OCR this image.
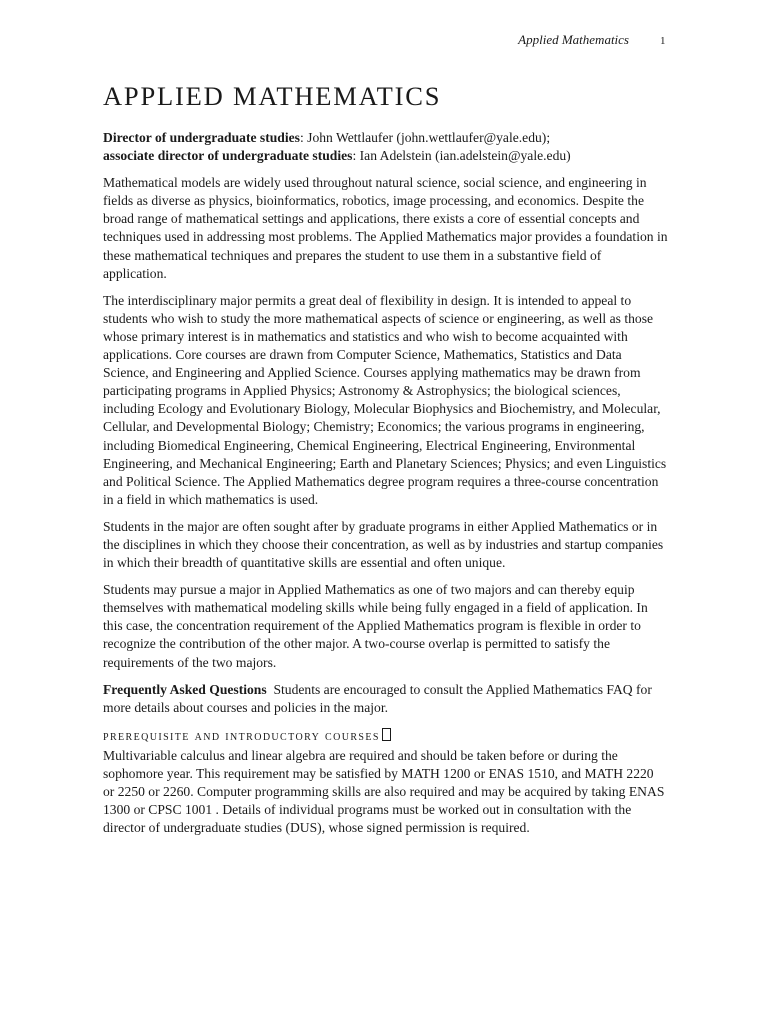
Applied Mathematics	1
APPLIED MATHEMATICS

Director of undergraduate studies: John Wettlaufer (john.wettlaufer@yale.edu);
associate director of undergraduate studies: Ian Adelstein (ian.adelstein@yale.edu)

Mathematical models are widely used throughout natural science, social science, and engineering in fields as diverse as physics, bioinformatics, robotics, image processing, and economics. Despite the broad range of mathematical settings and applications, there exists a core of essential concepts and techniques used in addressing most problems. The Applied Mathematics major provides a foundation in these mathematical techniques and prepares the student to use them in a substantive field of application.

The interdisciplinary major permits a great deal of flexibility in design. It is intended to appeal to students who wish to study the more mathematical aspects of science or engineering, as well as those whose primary interest is in mathematics and statistics and who wish to become acquainted with applications. Core courses are drawn from Computer Science, Mathematics, Statistics and Data Science, and Engineering and Applied Science. Courses applying mathematics may be drawn from participating programs in Applied Physics; Astronomy & Astrophysics; the biological sciences, including Ecology and Evolutionary Biology, Molecular Biophysics and Biochemistry, and Molecular, Cellular, and Developmental Biology; Chemistry; Economics; the various programs in engineering, including Biomedical Engineering, Chemical Engineering, Electrical Engineering, Environmental Engineering, and Mechanical Engineering; Earth and Planetary Sciences; Physics; and even Linguistics and Political Science. The Applied Mathematics degree program requires a three-course concentration in a field in which mathematics is used.

Students in the major are often sought after by graduate programs in either Applied Mathematics or in the disciplines in which they choose their concentration, as well as by industries and startup companies in which their breadth of quantitative skills are essential and often unique.

Students may pursue a major in Applied Mathematics as one of two majors and can thereby equip themselves with mathematical modeling skills while being fully engaged in a field of application. In this case, the concentration requirement of the Applied Mathematics program is flexible in order to recognize the contribution of the other major. A two-course overlap is permitted to satisfy the requirements of the two majors.

Frequently Asked Questions Students are encouraged to consult the Applied Mathematics FAQ for more details about courses and policies in the major.

prerequisite and introductory courses

Multivariable calculus and linear algebra are required and should be taken before or during the sophomore year. This requirement may be satisfied by MATH 1200 or ENAS 1510, and MATH 2220 or 2250 or 2260. Computer programming skills are also required and may be acquired by taking ENAS 1300 or CPSC 1001 . Details of individual programs must be worked out in consultation with the director of undergraduate studies (DUS), whose signed permission is required.
